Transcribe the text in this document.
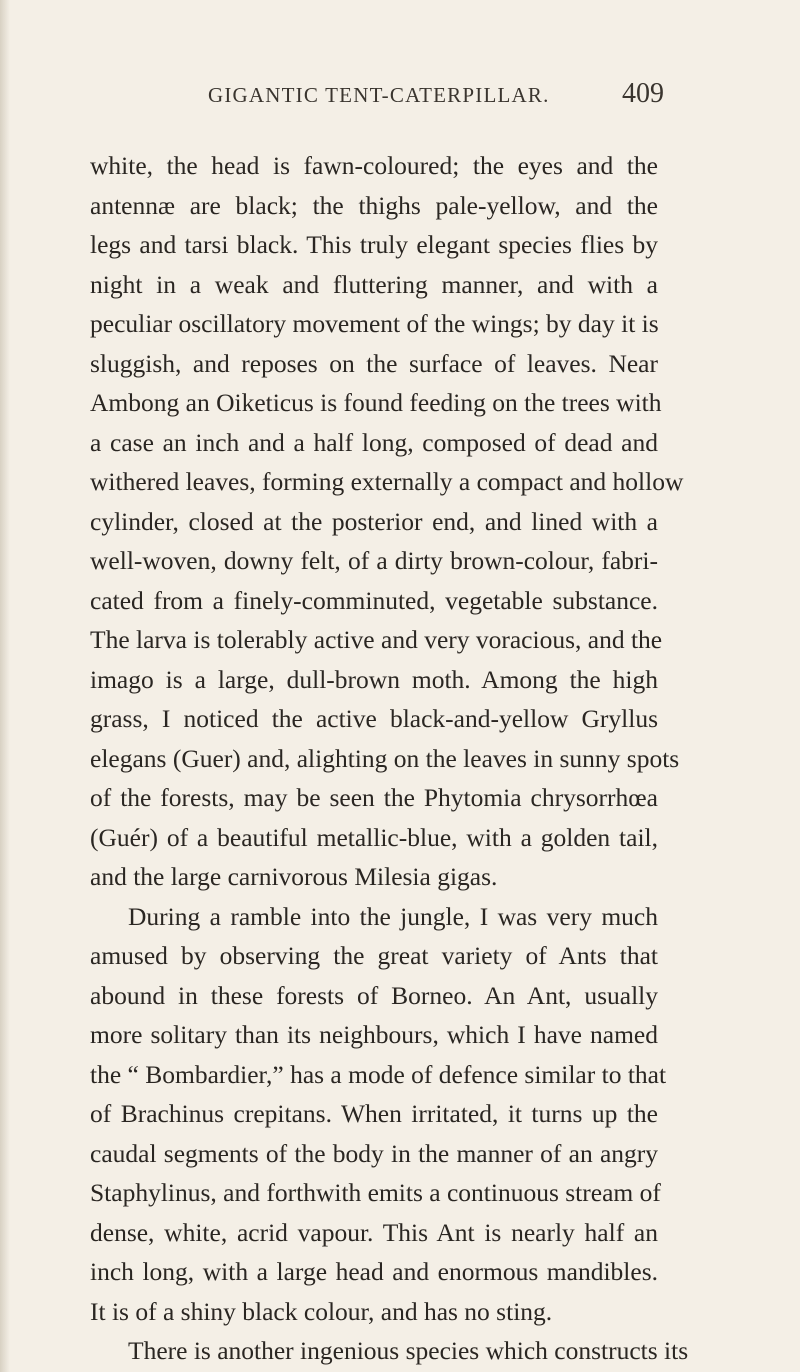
GIGANTIC TENT-CATERPILLAR.	409
white, the head is fawn-coloured; the eyes and the
antennæ are black; the thighs pale-yellow, and the
legs and tarsi black. This truly elegant species flies by
night in a weak and fluttering manner, and with a
peculiar oscillatory movement of the wings; by day it is
sluggish, and reposes on the surface of leaves. Near
Ambong an Oiketicus is found feeding on the trees with
a case an inch and a half long, composed of dead and
withered leaves, forming externally a compact and hollow
cylinder, closed at the posterior end, and lined with a
well-woven, downy felt, of a dirty brown-colour, fabri-
cated from a finely-comminuted, vegetable substance.
The larva is tolerably active and very voracious, and the
imago is a large, dull-brown moth. Among the high
grass, I noticed the active black-and-yellow Gryllus
elegans (Guer) and, alighting on the leaves in sunny spots
of the forests, may be seen the Phytomia chrysorrhœa
(Guér) of a beautiful metallic-blue, with a golden tail,
and the large carnivorous Milesia gigas.
During a ramble into the jungle, I was very much
amused by observing the great variety of Ants that
abound in these forests of Borneo. An Ant, usually
more solitary than its neighbours, which I have named
the “ Bombardier,” has a mode of defence similar to that
of Brachinus crepitans. When irritated, it turns up the
caudal segments of the body in the manner of an angry
Staphylinus, and forthwith emits a continuous stream of
dense, white, acrid vapour. This Ant is nearly half an
inch long, with a large head and enormous mandibles.
It is of a shiny black colour, and has no sting.
There is another ingenious species which constructs its
